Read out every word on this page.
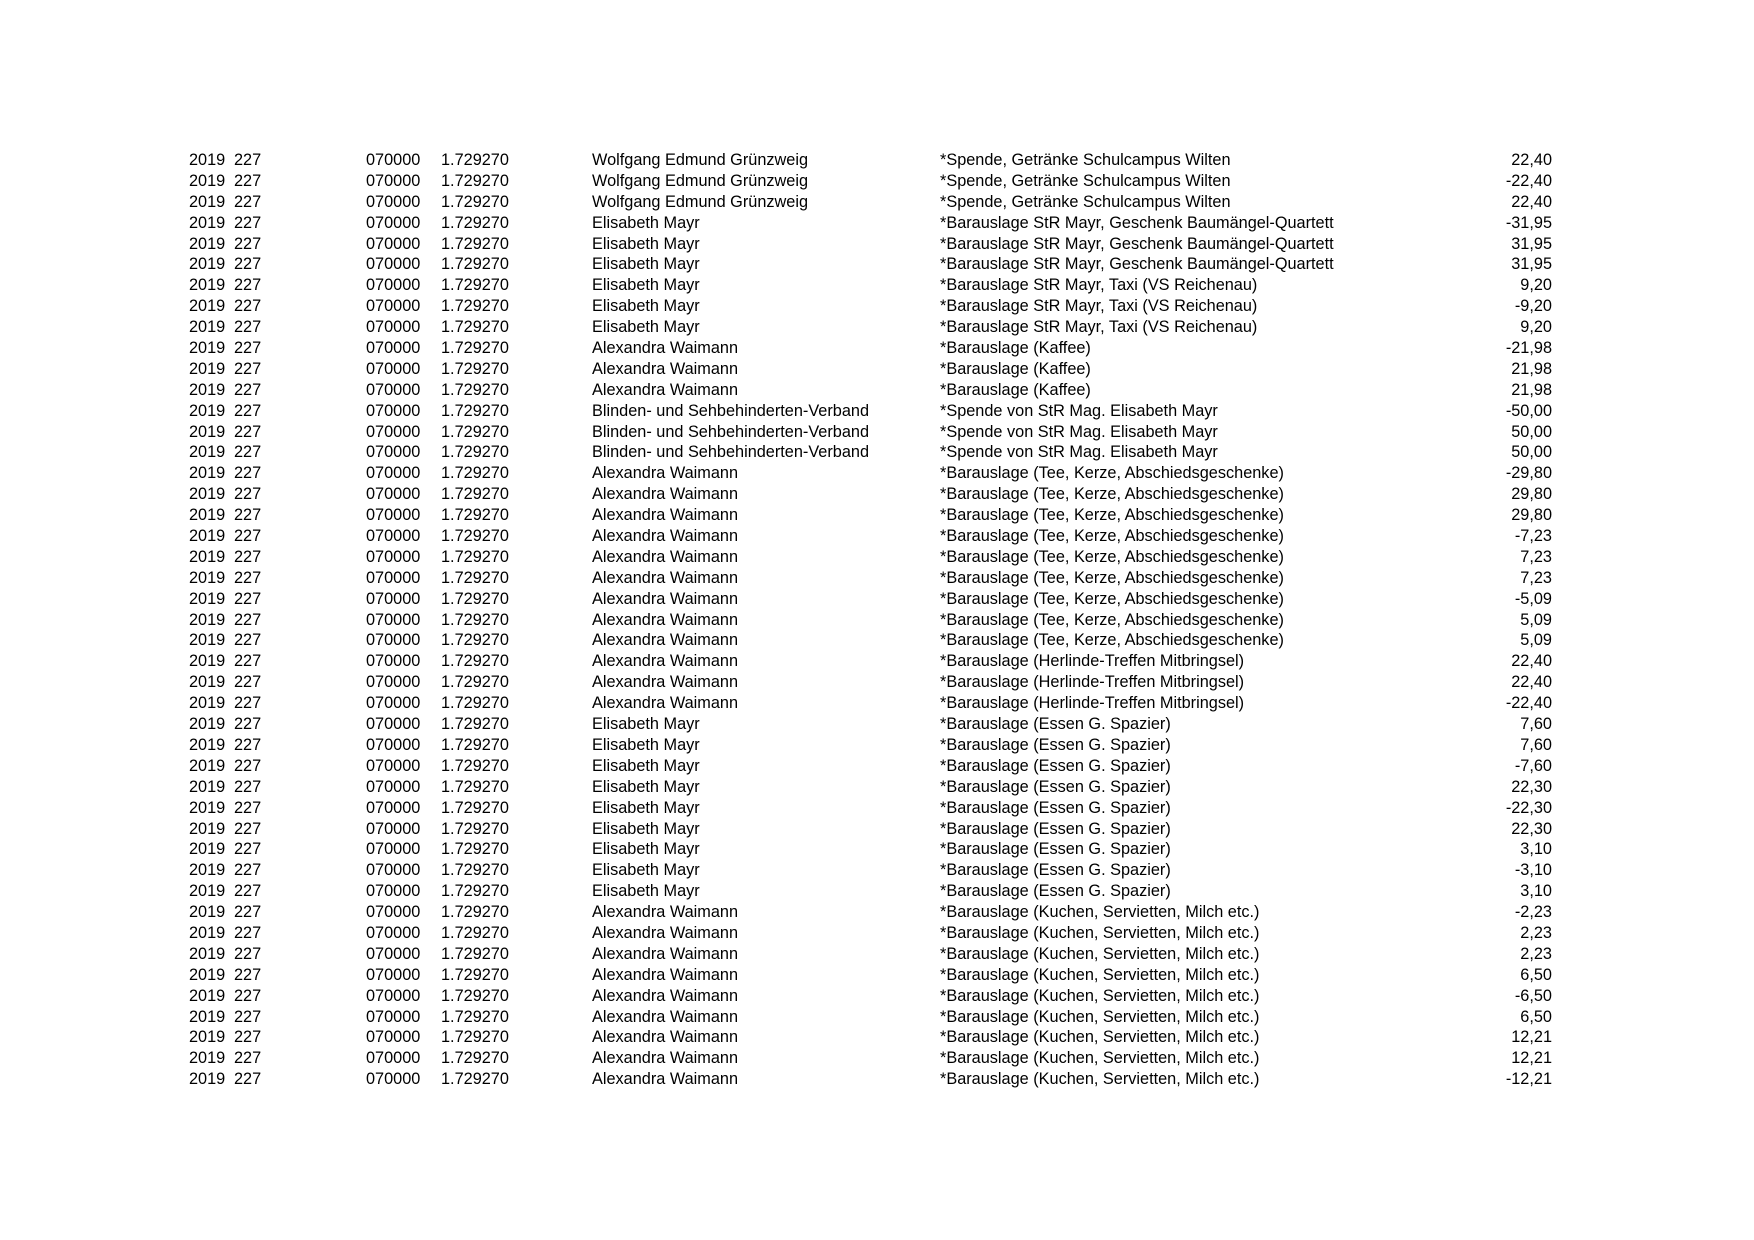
2019 227	070000 1.729270	Wolfgang Edmund Grünzweig	*Spende, Getränke Schulcampus Wilten	22,40
2019 227	070000 1.729270	Wolfgang Edmund Grünzweig	*Spende, Getränke Schulcampus Wilten	-22,40
2019 227	070000 1.729270	Wolfgang Edmund Grünzweig	*Spende, Getränke Schulcampus Wilten	22,40
2019 227	070000 1.729270	Elisabeth Mayr	*Barauslage StR Mayr, Geschenk Baumängel-Quartett	-31,95
2019 227	070000 1.729270	Elisabeth Mayr	*Barauslage StR Mayr, Geschenk Baumängel-Quartett	31,95
2019 227	070000 1.729270	Elisabeth Mayr	*Barauslage StR Mayr, Geschenk Baumängel-Quartett	31,95
2019 227	070000 1.729270	Elisabeth Mayr	*Barauslage StR Mayr, Taxi (VS Reichenau)	9,20
2019 227	070000 1.729270	Elisabeth Mayr	*Barauslage StR Mayr, Taxi (VS Reichenau)	-9,20
2019 227	070000 1.729270	Elisabeth Mayr	*Barauslage StR Mayr, Taxi (VS Reichenau)	9,20
2019 227	070000 1.729270	Alexandra Waimann	*Barauslage (Kaffee)	-21,98
2019 227	070000 1.729270	Alexandra Waimann	*Barauslage (Kaffee)	21,98
2019 227	070000 1.729270	Alexandra Waimann	*Barauslage (Kaffee)	21,98
2019 227	070000 1.729270	Blinden- und Sehbehinderten-Verband	*Spende von StR Mag. Elisabeth Mayr	-50,00
2019 227	070000 1.729270	Blinden- und Sehbehinderten-Verband	*Spende von StR Mag. Elisabeth Mayr	50,00
2019 227	070000 1.729270	Blinden- und Sehbehinderten-Verband	*Spende von StR Mag. Elisabeth Mayr	50,00
2019 227	070000 1.729270	Alexandra Waimann	*Barauslage (Tee, Kerze, Abschiedsgeschenke)	-29,80
2019 227	070000 1.729270	Alexandra Waimann	*Barauslage (Tee, Kerze, Abschiedsgeschenke)	29,80
2019 227	070000 1.729270	Alexandra Waimann	*Barauslage (Tee, Kerze, Abschiedsgeschenke)	29,80
2019 227	070000 1.729270	Alexandra Waimann	*Barauslage (Tee, Kerze, Abschiedsgeschenke)	-7,23
2019 227	070000 1.729270	Alexandra Waimann	*Barauslage (Tee, Kerze, Abschiedsgeschenke)	7,23
2019 227	070000 1.729270	Alexandra Waimann	*Barauslage (Tee, Kerze, Abschiedsgeschenke)	7,23
2019 227	070000 1.729270	Alexandra Waimann	*Barauslage (Tee, Kerze, Abschiedsgeschenke)	-5,09
2019 227	070000 1.729270	Alexandra Waimann	*Barauslage (Tee, Kerze, Abschiedsgeschenke)	5,09
2019 227	070000 1.729270	Alexandra Waimann	*Barauslage (Tee, Kerze, Abschiedsgeschenke)	5,09
2019 227	070000 1.729270	Alexandra Waimann	*Barauslage (Herlinde-Treffen Mitbringsel)	22,40
2019 227	070000 1.729270	Alexandra Waimann	*Barauslage (Herlinde-Treffen Mitbringsel)	22,40
2019 227	070000 1.729270	Alexandra Waimann	*Barauslage (Herlinde-Treffen Mitbringsel)	-22,40
2019 227	070000 1.729270	Elisabeth Mayr	*Barauslage (Essen G. Spazier)	7,60
2019 227	070000 1.729270	Elisabeth Mayr	*Barauslage (Essen G. Spazier)	7,60
2019 227	070000 1.729270	Elisabeth Mayr	*Barauslage (Essen G. Spazier)	-7,60
2019 227	070000 1.729270	Elisabeth Mayr	*Barauslage (Essen G. Spazier)	22,30
2019 227	070000 1.729270	Elisabeth Mayr	*Barauslage (Essen G. Spazier)	-22,30
2019 227	070000 1.729270	Elisabeth Mayr	*Barauslage (Essen G. Spazier)	22,30
2019 227	070000 1.729270	Elisabeth Mayr	*Barauslage (Essen G. Spazier)	3,10
2019 227	070000 1.729270	Elisabeth Mayr	*Barauslage (Essen G. Spazier)	-3,10
2019 227	070000 1.729270	Elisabeth Mayr	*Barauslage (Essen G. Spazier)	3,10
2019 227	070000 1.729270	Alexandra Waimann	*Barauslage (Kuchen, Servietten, Milch etc.)	-2,23
2019 227	070000 1.729270	Alexandra Waimann	*Barauslage (Kuchen, Servietten, Milch etc.)	2,23
2019 227	070000 1.729270	Alexandra Waimann	*Barauslage (Kuchen, Servietten, Milch etc.)	2,23
2019 227	070000 1.729270	Alexandra Waimann	*Barauslage (Kuchen, Servietten, Milch etc.)	6,50
2019 227	070000 1.729270	Alexandra Waimann	*Barauslage (Kuchen, Servietten, Milch etc.)	-6,50
2019 227	070000 1.729270	Alexandra Waimann	*Barauslage (Kuchen, Servietten, Milch etc.)	6,50
2019 227	070000 1.729270	Alexandra Waimann	*Barauslage (Kuchen, Servietten, Milch etc.)	12,21
2019 227	070000 1.729270	Alexandra Waimann	*Barauslage (Kuchen, Servietten, Milch etc.)	12,21
2019 227	070000 1.729270	Alexandra Waimann	*Barauslage (Kuchen, Servietten, Milch etc.)	-12,21
